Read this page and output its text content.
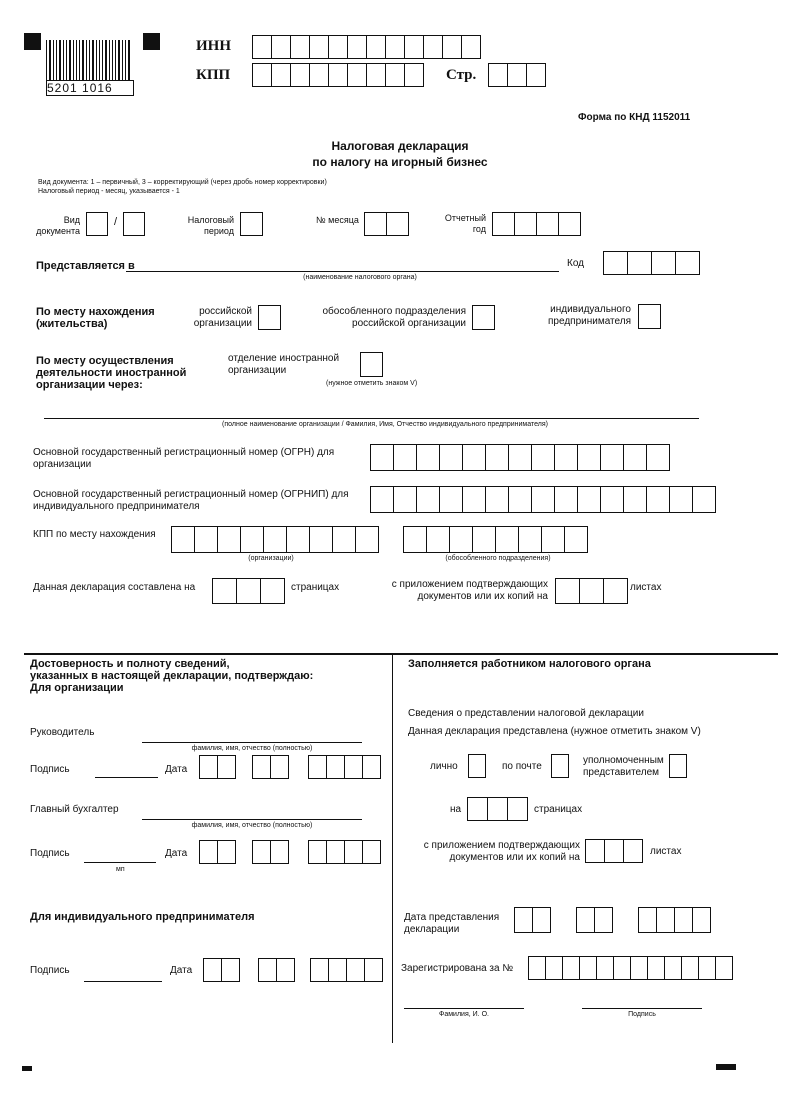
5201 1016
ИНН
КПП	Стр.
Форма по КНД 1152011
Налоговая декларация
по налогу на игорный бизнес
Вид документа: 1 – первичный, 3 – корректирующий (через дробь номер корректировки)
Налоговый период - месяц, указывается - 1
Вид
документа
/	Налоговый
период
№ месяца	Отчетный
год
Представляется в
(наименование налогового органа)
Код
По месту нахождения
(жительства)
российской
организации
обособленного подразделения
российской организации
индивидуального
предпринимателя
По месту осуществления
деятельности иностранной
организации через:
отделение иностранной
организации
(нужное отметить знаком V)
(полное наименование организации / Фамилия, Имя, Отчество индивидуального предпринимателя)
Основной государственный регистрационный номер (ОГРН) для
организации
Основной государственный регистрационный номер (ОГРНИП) для
индивидуального предпринимателя
КПП по месту нахождения
(организации)	(обособленного подразделения)
Данная декларация составлена на	страницах	с приложением подтверждающих
документов или их копий на
листах
Достоверность и полноту сведений,
указанных в настоящей декларации, подтверждаю:
Для организации
Руководитель
фамилия, имя, отчество (полностью)
Подпись	Дата
Главный бухгалтер
фамилия, имя, отчество (полностью)
Подпись
мп
Дата
Для индивидуального предпринимателя
Подпись	Дата
Заполняется работником налогового органа
Сведения о представлении налоговой декларации
Данная декларация представлена (нужное отметить знаком V)
лично	по почте
уполномоченным
представителем
на	страницах
с приложением подтверждающих
документов или их копий на
листах
Дата представления
декларации
Зарегистрирована за №
Фамилия, И. О.	Подпись
